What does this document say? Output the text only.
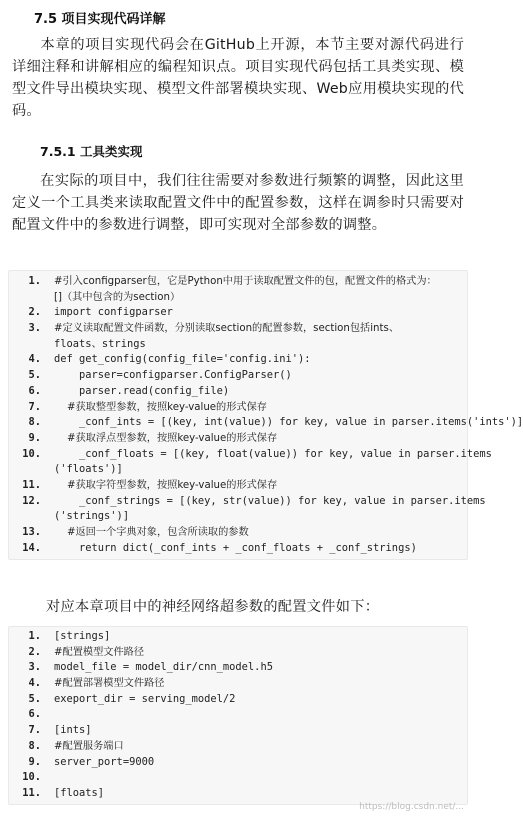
7.5 项目实现代码详解
本章的项目实现代码会在GitHub上开源，本节主要对源代码进行详细注释和讲解相应的编程知识点。项目实现代码包括工具类实现、模型文件导出模块实现、模型文件部署模块实现、Web应用模块实现的代码。
7.5.1 工具类实现
在实际的项目中，我们往往需要对参数进行频繁的调整，因此这里定义一个工具类来读取配置文件中的配置参数，这样在调参时只需要对配置文件中的参数进行调整，即可实现对全部参数的调整。
1. #引入configparser包，它是Python中用于读取配置文件的包，配置文件的格式为：
[]（其中包含的为section）
2. import configparser
3. #定义读取配置文件函数，分别读取section的配置参数，section包括ints、
floats、strings
4. def get_config(config_file='config.ini'):
5. parser=configparser.ConfigParser()
6. parser.read(config_file)
7. #获取整型参数，按照key-value的形式保存
8. _conf_ints = [(key, int(value)) for key, value in parser.items('ints')]
9. #获取浮点型参数，按照key-value的形式保存
10. _conf_floats = [(key, float(value)) for key, value in parser.items
('floats')]
11. #获取字符型参数，按照key-value的形式保存
12. _conf_strings = [(key, str(value)) for key, value in parser.items
('strings')]
13. #返回一个字典对象，包含所读取的参数
14. return dict(_conf_ints + _conf_floats + _conf_strings)
对应本章项目中的神经网络超参数的配置文件如下：
1. [strings]
2. #配置模型文件路径
3. model_file = model_dir/cnn_model.h5
4. #配置部署模型文件路径
5. exeport_dir = serving_model/2
6.
7. [ints]
8. #配置服务端口
9. server_port=9000
10.
11. [floats]
https://blog.csdn.net/...
